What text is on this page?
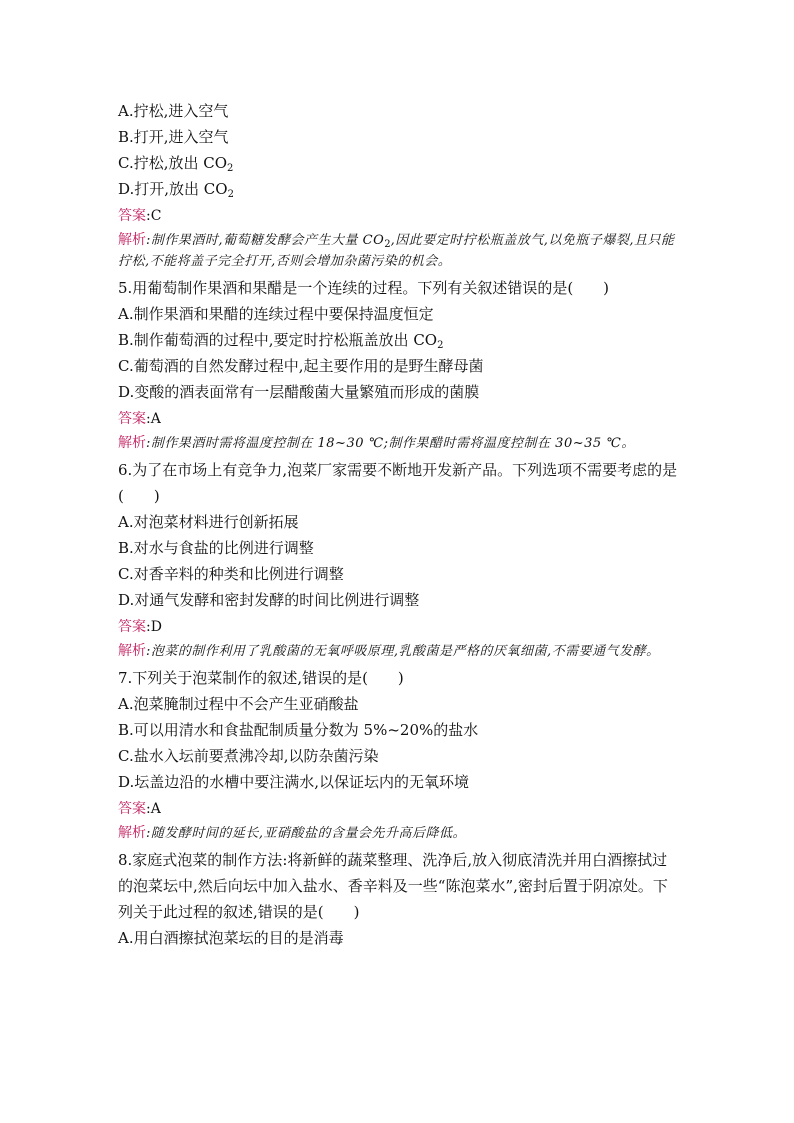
A.拧松,进入空气
B.打开,进入空气
C.拧松,放出 $CO_2$
D.打开,放出 $CO_2$
答案:C
解析:制作果酒时,葡萄糖发酵会产生大量 $CO_2$,因此要定时拧松瓶盖放气,以免瓶子爆裂,且只能拧松,不能将盖子完全打开,否则会增加杂菌污染的机会。
5.用葡萄制作果酒和果醋是一个连续的过程。下列有关叙述错误的是(　　)
A.制作果酒和果醋的连续过程中要保持温度恒定
B.制作葡萄酒的过程中,要定时拧松瓶盖放出 $CO_2$
C.葡萄酒的自然发酵过程中,起主要作用的是野生酵母菌
D.变酸的酒表面常有一层醋酸菌大量繁殖而形成的菌膜
答案:A
解析:制作果酒时需将温度控制在 18~30 ℃;制作果醋时需将温度控制在 30~35 ℃。
6.为了在市场上有竞争力,泡菜厂家需要不断地开发新产品。下列选项不需要考虑的是(　　)
A.对泡菜材料进行创新拓展
B.对水与食盐的比例进行调整
C.对香辛料的种类和比例进行调整
D.对通气发酵和密封发酵的时间比例进行调整
答案:D
解析:泡菜的制作利用了乳酸菌的无氧呼吸原理,乳酸菌是严格的厌氧细菌,不需要通气发酵。
7.下列关于泡菜制作的叙述,错误的是(　　)
A.泡菜腌制过程中不会产生亚硝酸盐
B.可以用清水和食盐配制质量分数为 5%~20%的盐水
C.盐水入坛前要煮沸冷却,以防杂菌污染
D.坛盖边沿的水槽中要注满水,以保证坛内的无氧环境
答案:A
解析:随发酵时间的延长,亚硝酸盐的含量会先升高后降低。
8.家庭式泡菜的制作方法:将新鲜的蔬菜整理、洗净后,放入彻底清洗并用白酒擦拭过的泡菜坛中,然后向坛中加入盐水、香辛料及一些“陈泡菜水”,密封后置于阴凉处。下列关于此过程的叙述,错误的是(　　)
A.用白酒擦拭泡菜坛的目的是消毒
